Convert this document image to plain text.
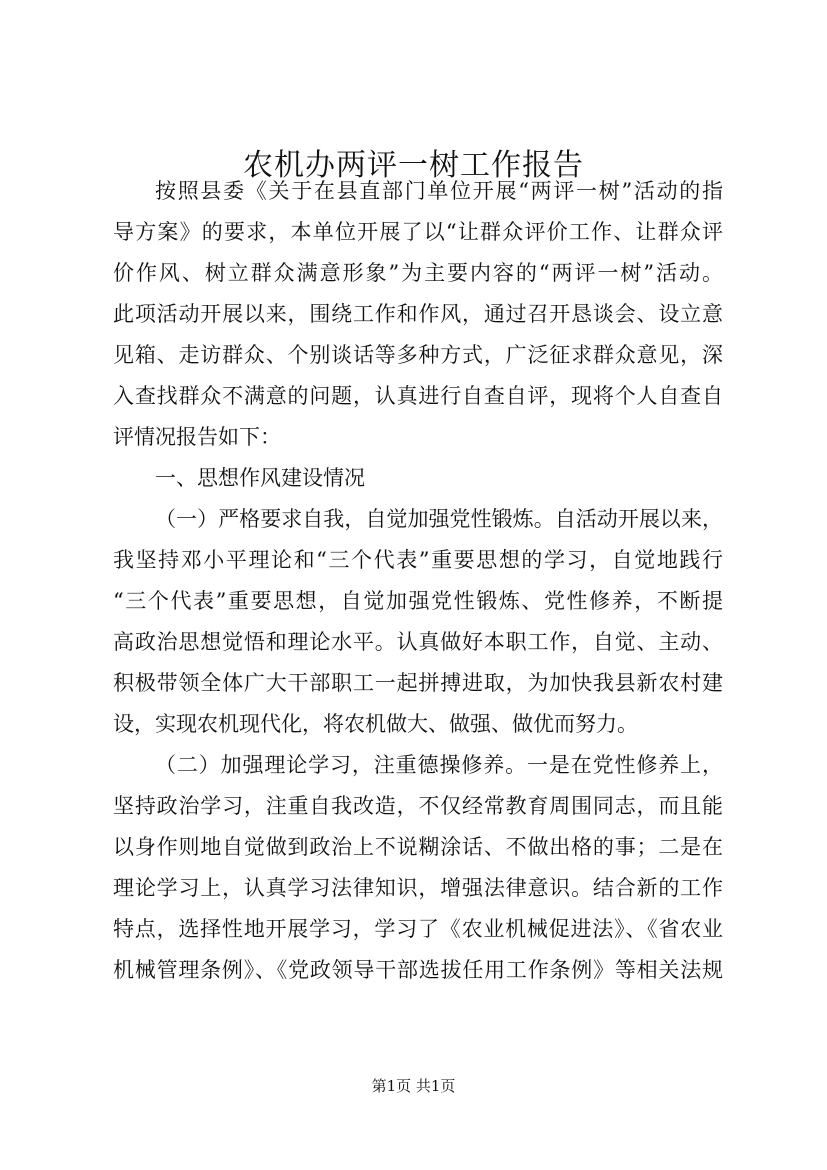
农机办两评一树工作报告

按照县委《关于在县直部门单位开展“两评一树”活动的指

导方案》的要求，本单位开展了以“让群众评价工作、让群众评

价作风、树立群众满意形象”为主要内容的“两评一树”活动。

此项活动开展以来，围绕工作和作风，通过召开恳谈会、设立意

见箱、走访群众、个别谈话等多种方式，广泛征求群众意见，深

入查找群众不满意的问题，认真进行自查自评，现将个人自查自

评情况报告如下：

一、思想作风建设情况

（一）严格要求自我，自觉加强党性锻炼。自活动开展以来，

我坚持邓小平理论和“三个代表”重要思想的学习，自觉地践行

“三个代表”重要思想，自觉加强党性锻炼、党性修养，不断提

高政治思想觉悟和理论水平。认真做好本职工作，自觉、主动、

积极带领全体广大干部职工一起拼搏进取，为加快我县新农村建

设，实现农机现代化，将农机做大、做强、做优而努力。

（二）加强理论学习，注重德操修养。一是在党性修养上，

坚持政治学习，注重自我改造，不仅经常教育周围同志，而且能

以身作则地自觉做到政治上不说糊涂话、不做出格的事；二是在

理论学习上，认真学习法律知识，增强法律意识。结合新的工作

特点，选择性地开展学习，学习了《农业机械促进法》、《省农业

机械管理条例》、《党政领导干部选拔任用工作条例》等相关法规

第1页 共1页
